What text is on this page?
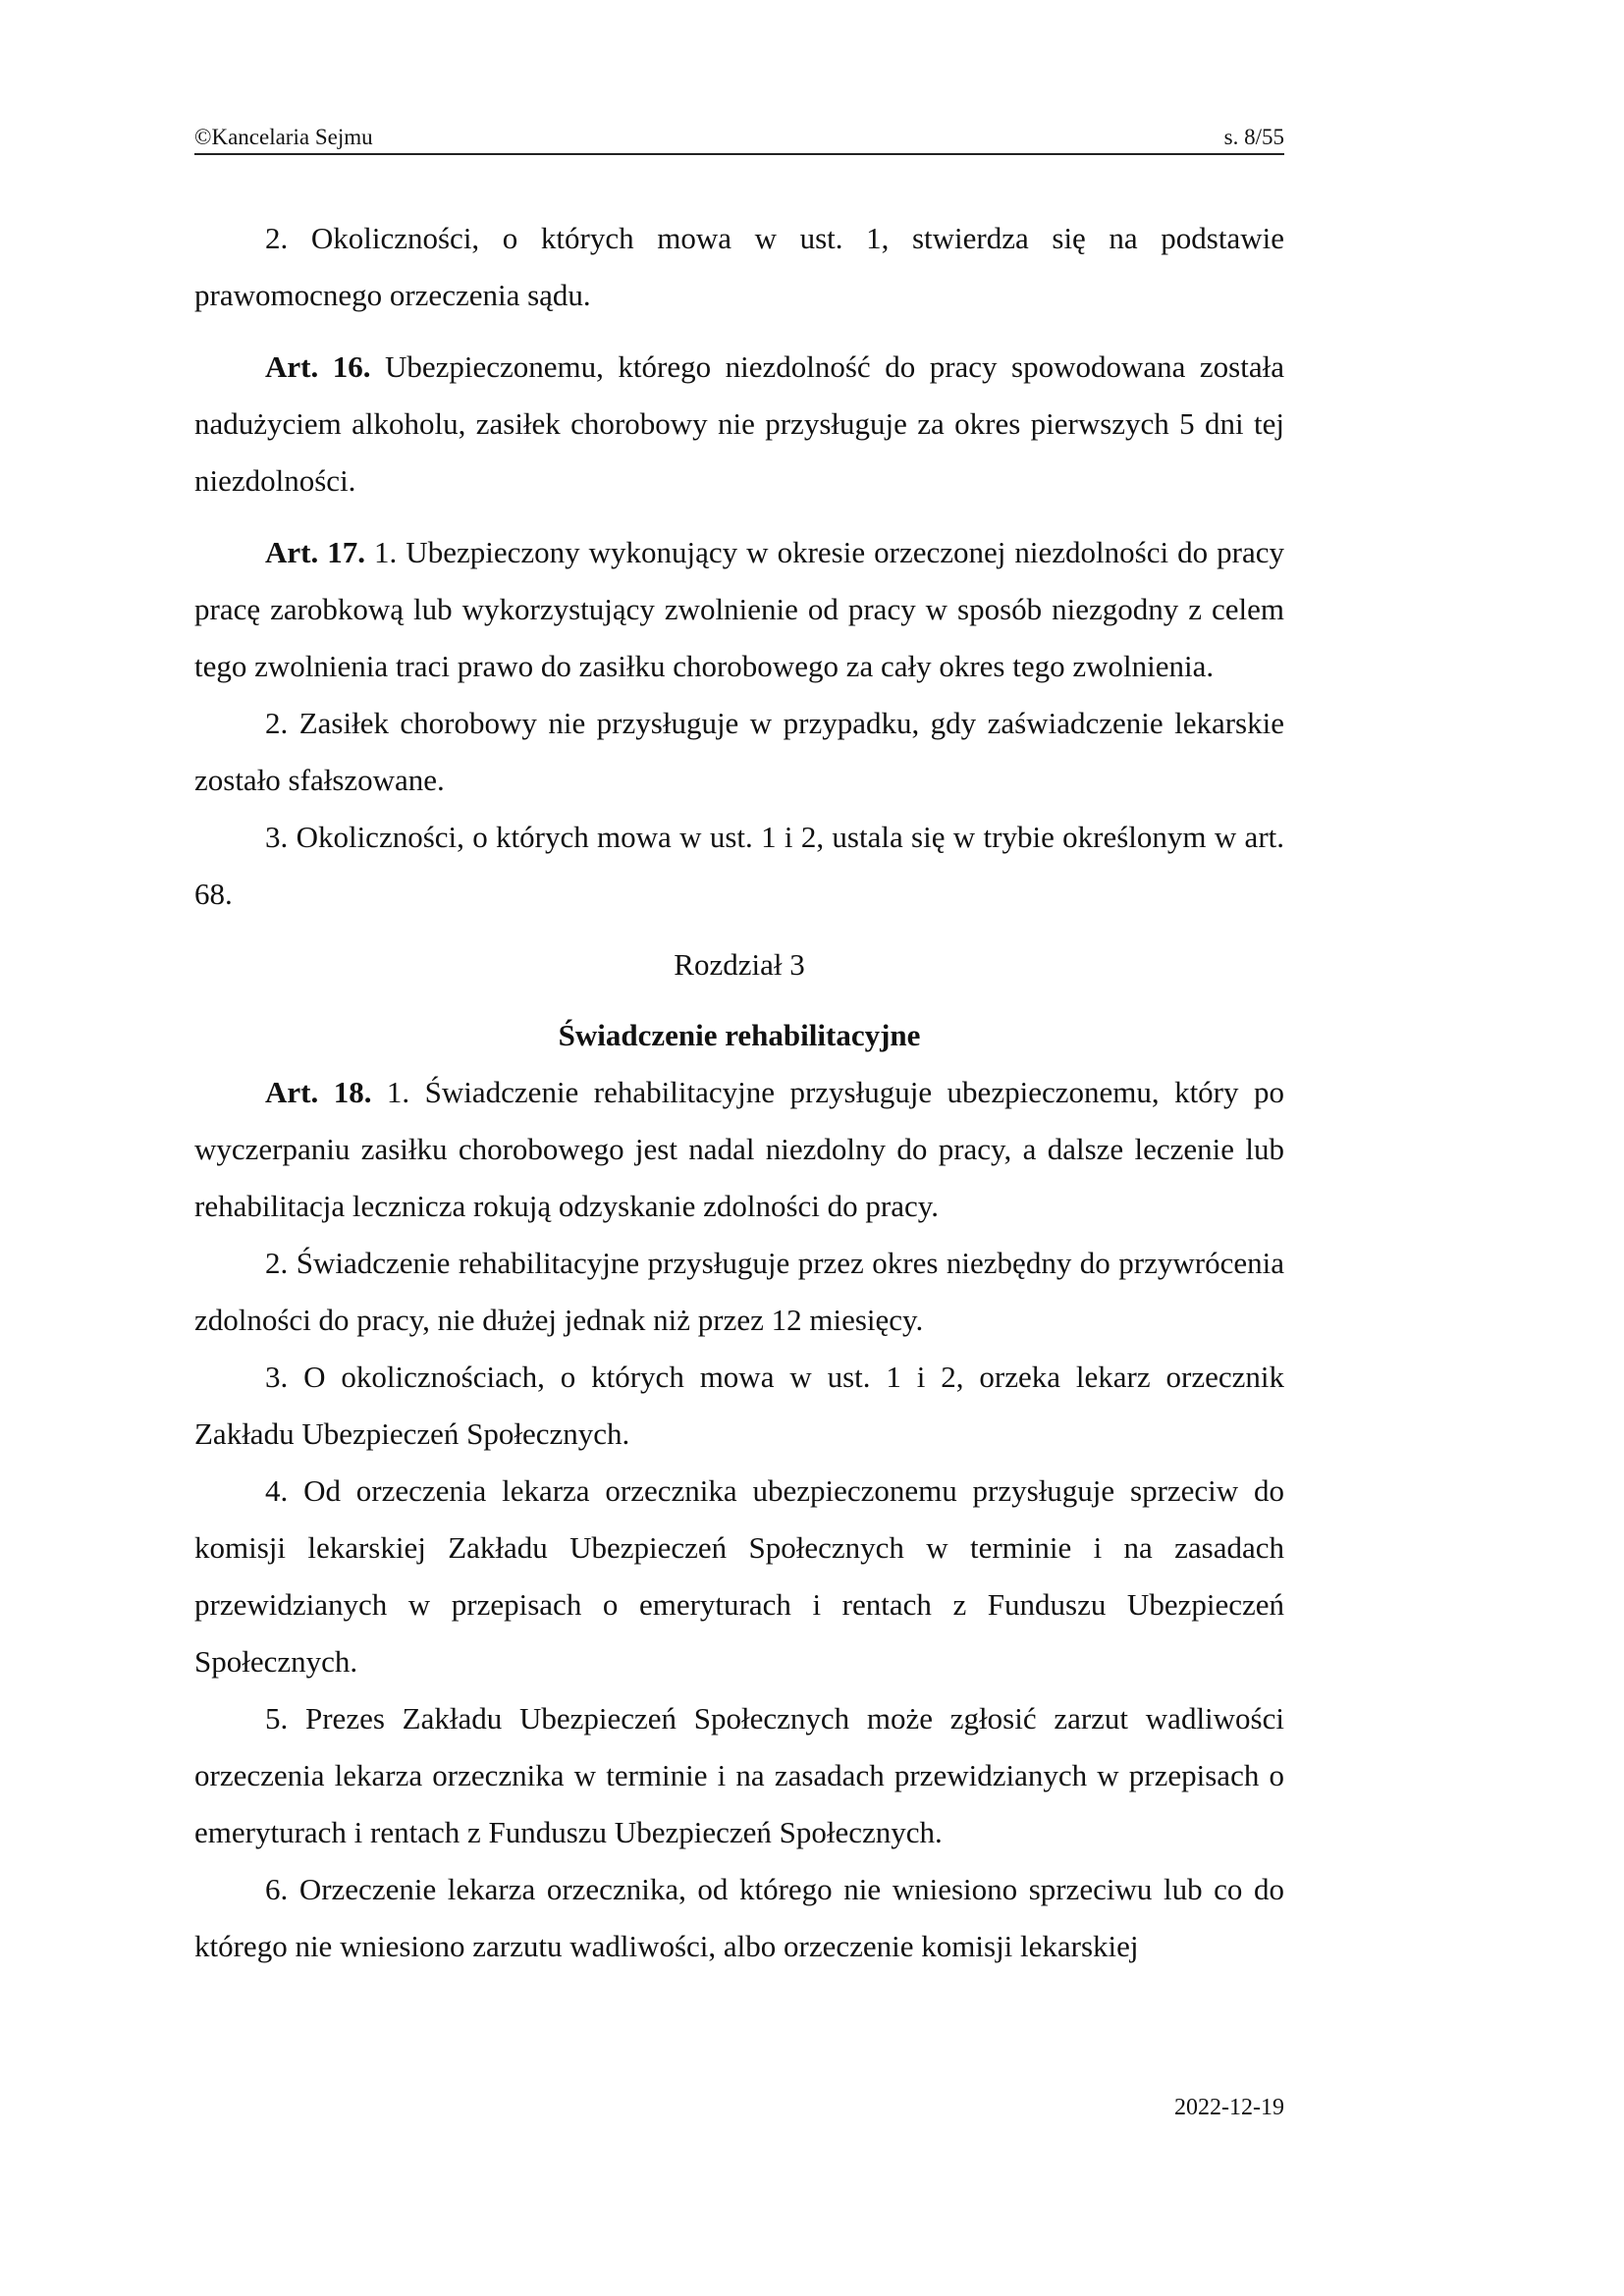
©Kancelaria Sejmu	s. 8/55

2. Okoliczności, o których mowa w ust. 1, stwierdza się na podstawie prawomocnego orzeczenia sądu.

Art. 16. Ubezpieczonemu, którego niezdolność do pracy spowodowana została nadużyciem alkoholu, zasiłek chorobowy nie przysługuje za okres pierwszych 5 dni tej niezdolności.

Art. 17. 1. Ubezpieczony wykonujący w okresie orzeczonej niezdolności do pracy pracę zarobkową lub wykorzystujący zwolnienie od pracy w sposób niezgodny z celem tego zwolnienia traci prawo do zasiłku chorobowego za cały okres tego zwolnienia.

2. Zasiłek chorobowy nie przysługuje w przypadku, gdy zaświadczenie lekarskie zostało sfałszowane.

3. Okoliczności, o których mowa w ust. 1 i 2, ustala się w trybie określonym w art. 68.

Rozdział 3

Świadczenie rehabilitacyjne

Art. 18. 1. Świadczenie rehabilitacyjne przysługuje ubezpieczonemu, który po wyczerpaniu zasiłku chorobowego jest nadal niezdolny do pracy, a dalsze leczenie lub rehabilitacja lecznicza rokują odzyskanie zdolności do pracy.

2. Świadczenie rehabilitacyjne przysługuje przez okres niezbędny do przywrócenia zdolności do pracy, nie dłużej jednak niż przez 12 miesięcy.

3. O okolicznościach, o których mowa w ust. 1 i 2, orzeka lekarz orzecznik Zakładu Ubezpieczeń Społecznych.

4. Od orzeczenia lekarza orzecznika ubezpieczonemu przysługuje sprzeciw do komisji lekarskiej Zakładu Ubezpieczeń Społecznych w terminie i na zasadach przewidzianych w przepisach o emeryturach i rentach z Funduszu Ubezpieczeń Społecznych.

5. Prezes Zakładu Ubezpieczeń Społecznych może zgłosić zarzut wadliwości orzeczenia lekarza orzecznika w terminie i na zasadach przewidzianych w przepisach o emeryturach i rentach z Funduszu Ubezpieczeń Społecznych.

6. Orzeczenie lekarza orzecznika, od którego nie wniesiono sprzeciwu lub co do którego nie wniesiono zarzutu wadliwości, albo orzeczenie komisji lekarskiej

2022-12-19
